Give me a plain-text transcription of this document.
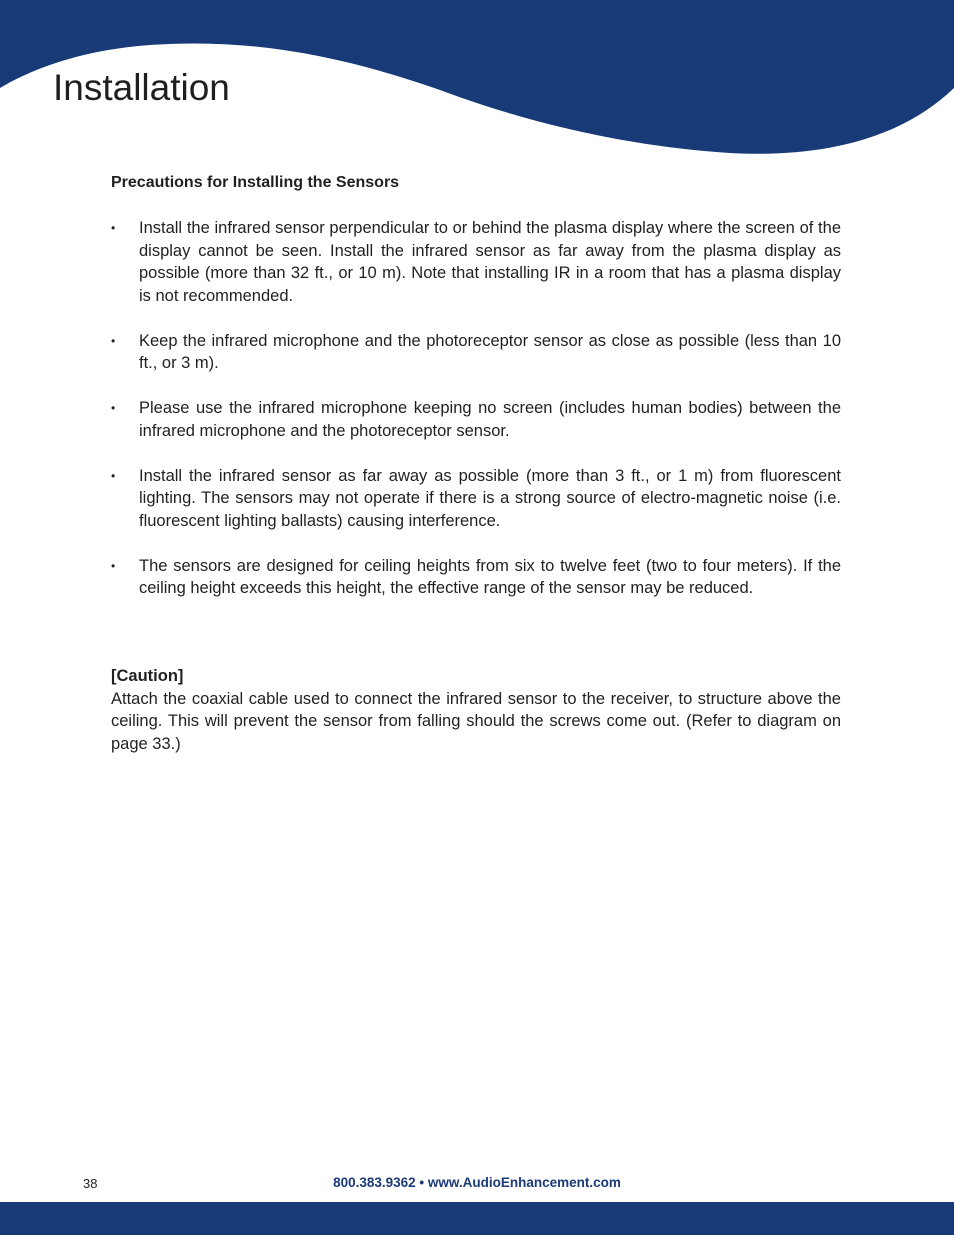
Installation
Precautions for Installing the Sensors
• Install the infrared sensor perpendicular to or behind the plasma display where the screen of the display cannot be seen. Install the infrared sensor as far away from the plasma display as possible (more than 32 ft., or 10 m). Note that installing IR in a room that has a plasma display is not recommended.
• Keep the infrared microphone and the photoreceptor sensor as close as possible (less than 10 ft., or 3 m).
• Please use the infrared microphone keeping no screen (includes human bodies) between the infrared microphone and the photoreceptor sensor.
• Install the infrared sensor as far away as possible (more than 3 ft., or 1 m) from fluorescent lighting. The sensors may not operate if there is a strong source of electro-magnetic noise (i.e. fluorescent lighting ballasts) causing interference.
• The sensors are designed for ceiling heights from six to twelve feet (two to four meters). If the ceiling height exceeds this height, the effective range of the sensor may be reduced.

[Caution]

Attach the coaxial cable used to connect the infrared sensor to the receiver, to structure above the ceiling. This will prevent the sensor from falling should the screws come out. (Refer to diagram on page 33.)

38	800.383.9362 • www.AudioEnhancement.com
